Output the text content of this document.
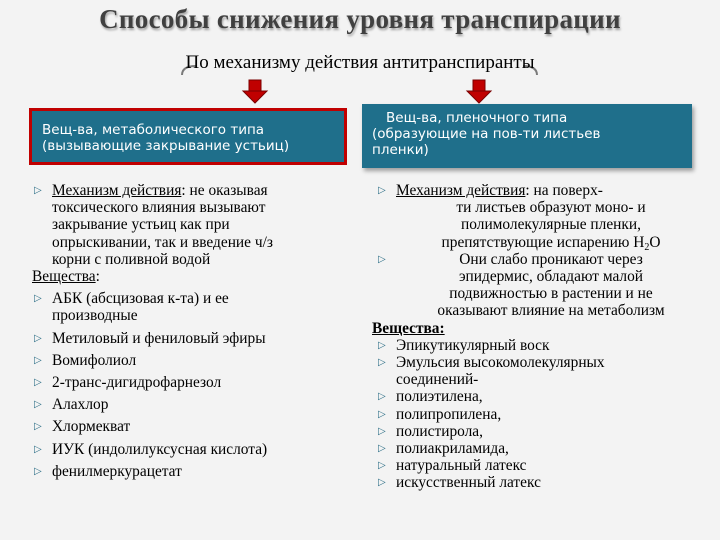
Способы снижения уровня транспирации
По механизму действия антитранспиранты
Вещ-ва, метаболического типа
(вызывающие закрывание устьиц)
Вещ-ва, пленочного типа
(образующие на пов-ти листьев
пленки)
▷ Механизм действия: не оказывая
токсического влияния вызывают
закрывание устьиц как при
опрыскивании, так и введение ч/з
корни с поливной водой
Вещества:
▷ АБК (абсцизовая к-та) и ее
производные
▷ Метиловый и фениловый эфиры
▷ Вомифолиол
▷ 2-транс-дигидрофарнезол
▷ Алахлор
▷ Хлормекват
▷ ИУК (индолилуксусная кислота)
▷ фенилмеркурацетат
▷ Механизм действия: на поверх-
ти листьев образуют моно- и
полимолекулярные пленки,
препятствующие испарению $Н_2О$
▷	Они слабо проникают через
эпидермис, обладают малой
подвижностью в растении и не
оказывают влияние на метаболизм
Вещества:
▷ Эпикутикулярный воск
▷ Эмульсия высокомолекулярных
соединений-
▷ полиэтилена,
▷ полипропилена,
▷ полистирола,
▷ полиакриламида,
▷ натуральный латекс
▷ искусственный латекс
